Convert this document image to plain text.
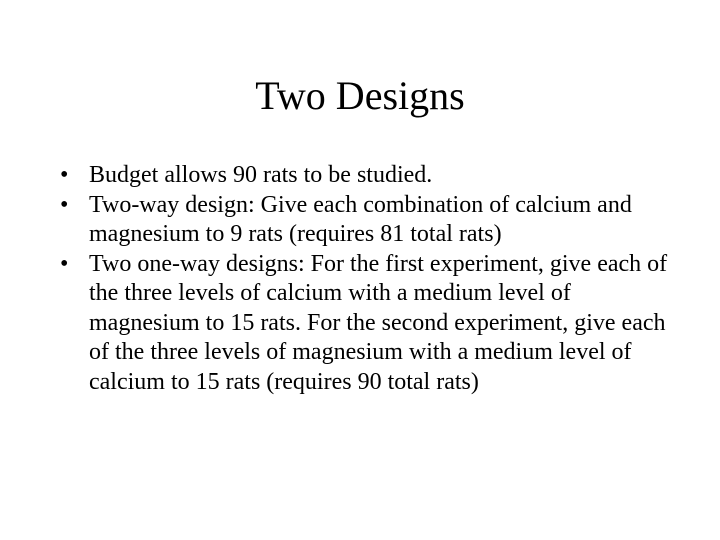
Two Designs
• Budget allows 90 rats to be studied.
• Two-way design: Give each combination of calcium and magnesium to 9 rats (requires 81 total rats)
• Two one-way designs: For the first experiment, give each of the three levels of calcium with a medium level of magnesium to 15 rats. For the second experiment, give each of the three levels of magnesium with a medium level of calcium to 15 rats (requires 90 total rats)
